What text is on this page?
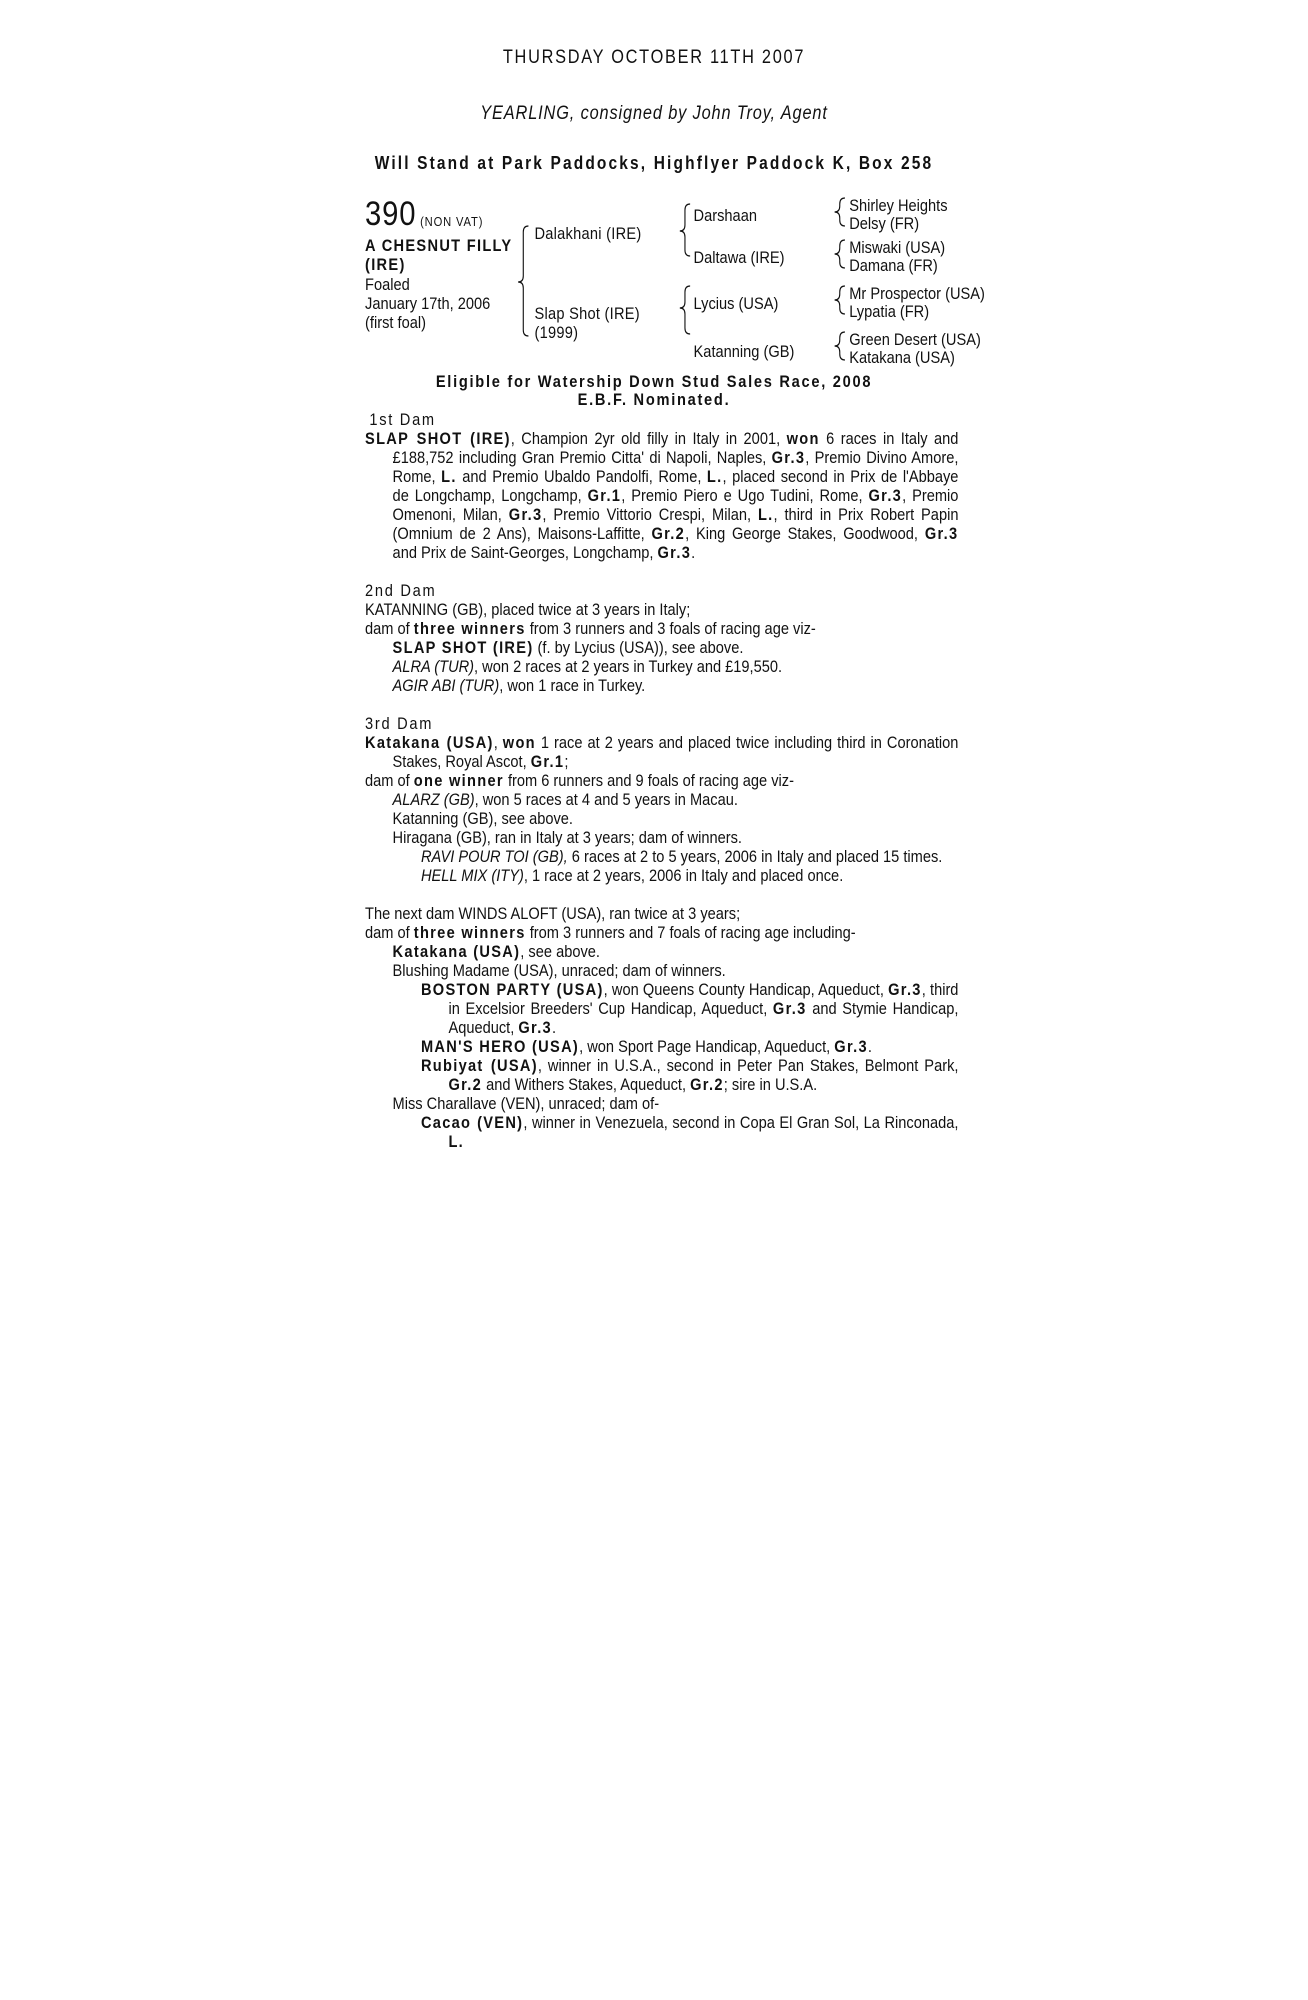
THURSDAY OCTOBER 11TH 2007
YEARLING, consigned by John Troy, Agent
Will Stand at Park Paddocks, Highflyer Paddock K, Box 258
390 (NON VAT)
A CHESNUT FILLY
(IRE)
Foaled
January 17th, 2006
(first foal)
Dalakhani (IRE)
Slap Shot (IRE)
(1999)
Darshaan
Daltawa (IRE)
Lycius (USA)
Katanning (GB)
Shirley Heights
Delsy (FR)
Miswaki (USA)
Damana (FR)
Mr Prospector (USA)
Lypatia (FR)
Green Desert (USA)
Katakana (USA)
Eligible for Watership Down Stud Sales Race, 2008
E.B.F. Nominated.

1st Dam

SLAP SHOT (IRE), Champion 2yr old filly in Italy in 2001, won 6 races in Italy and £188,752 including Gran Premio Citta' di Napoli, Naples, Gr.3, Premio Divino Amore, Rome, L. and Premio Ubaldo Pandolfi, Rome, L., placed second in Prix de l'Abbaye de Longchamp, Longchamp, Gr.1, Premio Piero e Ugo Tudini, Rome, Gr.3, Premio Omenoni, Milan, Gr.3, Premio Vittorio Crespi, Milan, L., third in Prix Robert Papin (Omnium de 2 Ans), Maisons-Laffitte, Gr.2, King George Stakes, Goodwood, Gr.3 and Prix de Saint-Georges, Longchamp, Gr.3.

2nd Dam

KATANNING (GB), placed twice at 3 years in Italy;

dam of three winners from 3 runners and 3 foals of racing age viz-

SLAP SHOT (IRE) (f. by Lycius (USA)), see above.

ALRA (TUR), won 2 races at 2 years in Turkey and £19,550.

AGIR ABI (TUR), won 1 race in Turkey.

3rd Dam

Katakana (USA), won 1 race at 2 years and placed twice including third in Coronation Stakes, Royal Ascot, Gr.1;

dam of one winner from 6 runners and 9 foals of racing age viz-

ALARZ (GB), won 5 races at 4 and 5 years in Macau.

Katanning (GB), see above.

Hiragana (GB), ran in Italy at 3 years; dam of winners.

RAVI POUR TOI (GB), 6 races at 2 to 5 years, 2006 in Italy and placed 15 times.

HELL MIX (ITY), 1 race at 2 years, 2006 in Italy and placed once.

The next dam WINDS ALOFT (USA), ran twice at 3 years;

dam of three winners from 3 runners and 7 foals of racing age including-

Katakana (USA), see above.

Blushing Madame (USA), unraced; dam of winners.

BOSTON PARTY (USA), won Queens County Handicap, Aqueduct, Gr.3, third in Excelsior Breeders' Cup Handicap, Aqueduct, Gr.3 and Stymie Handicap, Aqueduct, Gr.3.

MAN'S HERO (USA), won Sport Page Handicap, Aqueduct, Gr.3.

Rubiyat (USA), winner in U.S.A., second in Peter Pan Stakes, Belmont Park, Gr.2 and Withers Stakes, Aqueduct, Gr.2; sire in U.S.A.

Miss Charallave (VEN), unraced; dam of-

Cacao (VEN), winner in Venezuela, second in Copa El Gran Sol, La Rinconada, L.
